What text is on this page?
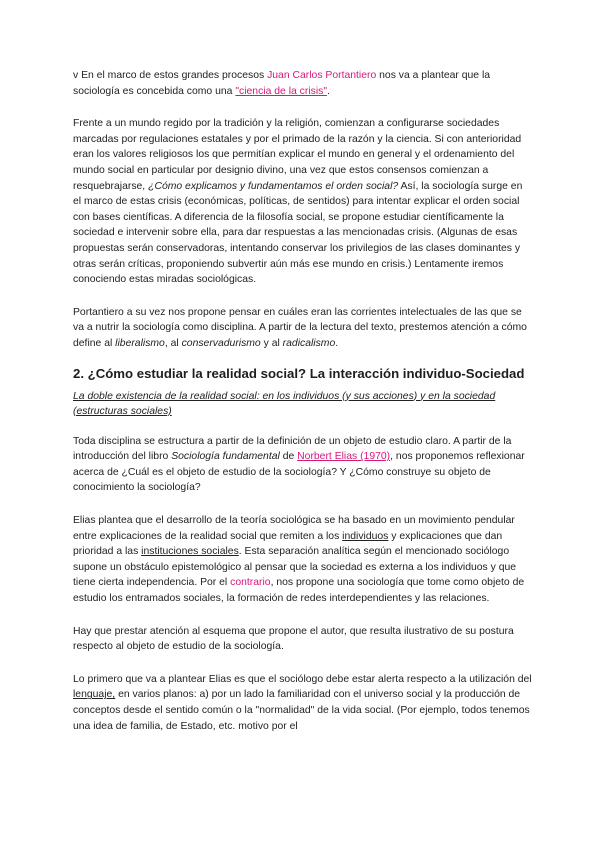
v En el marco de estos grandes procesos Juan Carlos Portantiero nos va a plantear que la sociología es concebida como una "ciencia de la crisis".

Frente a un mundo regido por la tradición y la religión, comienzan a configurarse sociedades marcadas por regulaciones estatales y por el primado de la razón y la ciencia. Si con anterioridad eran los valores religiosos los que permitían explicar el mundo en general y el ordenamiento del mundo social en particular por designio divino, una vez que estos consensos comienzan a resquebrajarse, ¿Cómo explicamos y fundamentamos el orden social? Así, la sociología surge en el marco de estas crisis (económicas, políticas, de sentidos) para intentar explicar el orden social con bases científicas. A diferencia de la filosofía social, se propone estudiar científicamente la sociedad e intervenir sobre ella, para dar respuestas a las mencionadas crisis. (Algunas de esas propuestas serán conservadoras, intentando conservar los privilegios de las clases dominantes y otras serán críticas, proponiendo subvertir aún más ese mundo en crisis.) Lentamente iremos conociendo estas miradas sociológicas.

Portantiero a su vez nos propone pensar en cuáles eran las corrientes intelectuales de las que se va a nutrir la sociología como disciplina. A partir de la lectura del texto, prestemos atención a cómo define al liberalismo, al conservadurismo y al radicalismo.

2. ¿Cómo estudiar la realidad social? La interacción individuo-Sociedad

La doble existencia de la realidad social: en los individuos (y sus acciones) y en la sociedad (estructuras sociales)

Toda disciplina se estructura a partir de la definición de un objeto de estudio claro. A partir de la introducción del libro Sociología fundamental de Norbert Elias (1970), nos proponemos reflexionar acerca de ¿Cuál es el objeto de estudio de la sociología? Y ¿Cómo construye su objeto de conocimiento la sociología?

Elias plantea que el desarrollo de la teoría sociológica se ha basado en un movimiento pendular entre explicaciones de la realidad social que remiten a los individuos y explicaciones que dan prioridad a las instituciones sociales. Esta separación analítica según el mencionado sociólogo supone un obstáculo epistemológico al pensar que la sociedad es externa a los individuos y que tiene cierta independencia. Por el contrario, nos propone una sociología que tome como objeto de estudio los entramados sociales, la formación de redes interdependientes y las relaciones.

Hay que prestar atención al esquema que propone el autor, que resulta ilustrativo de su postura respecto al objeto de estudio de la sociología.

Lo primero que va a plantear Elias es que el sociólogo debe estar alerta respecto a la utilización del lenguaje, en varios planos: a) por un lado la familiaridad con el universo social y la producción de conceptos desde el sentido común o la "normalidad" de la vida social. (Por ejemplo, todos tenemos una idea de familia, de Estado, etc. motivo por el
